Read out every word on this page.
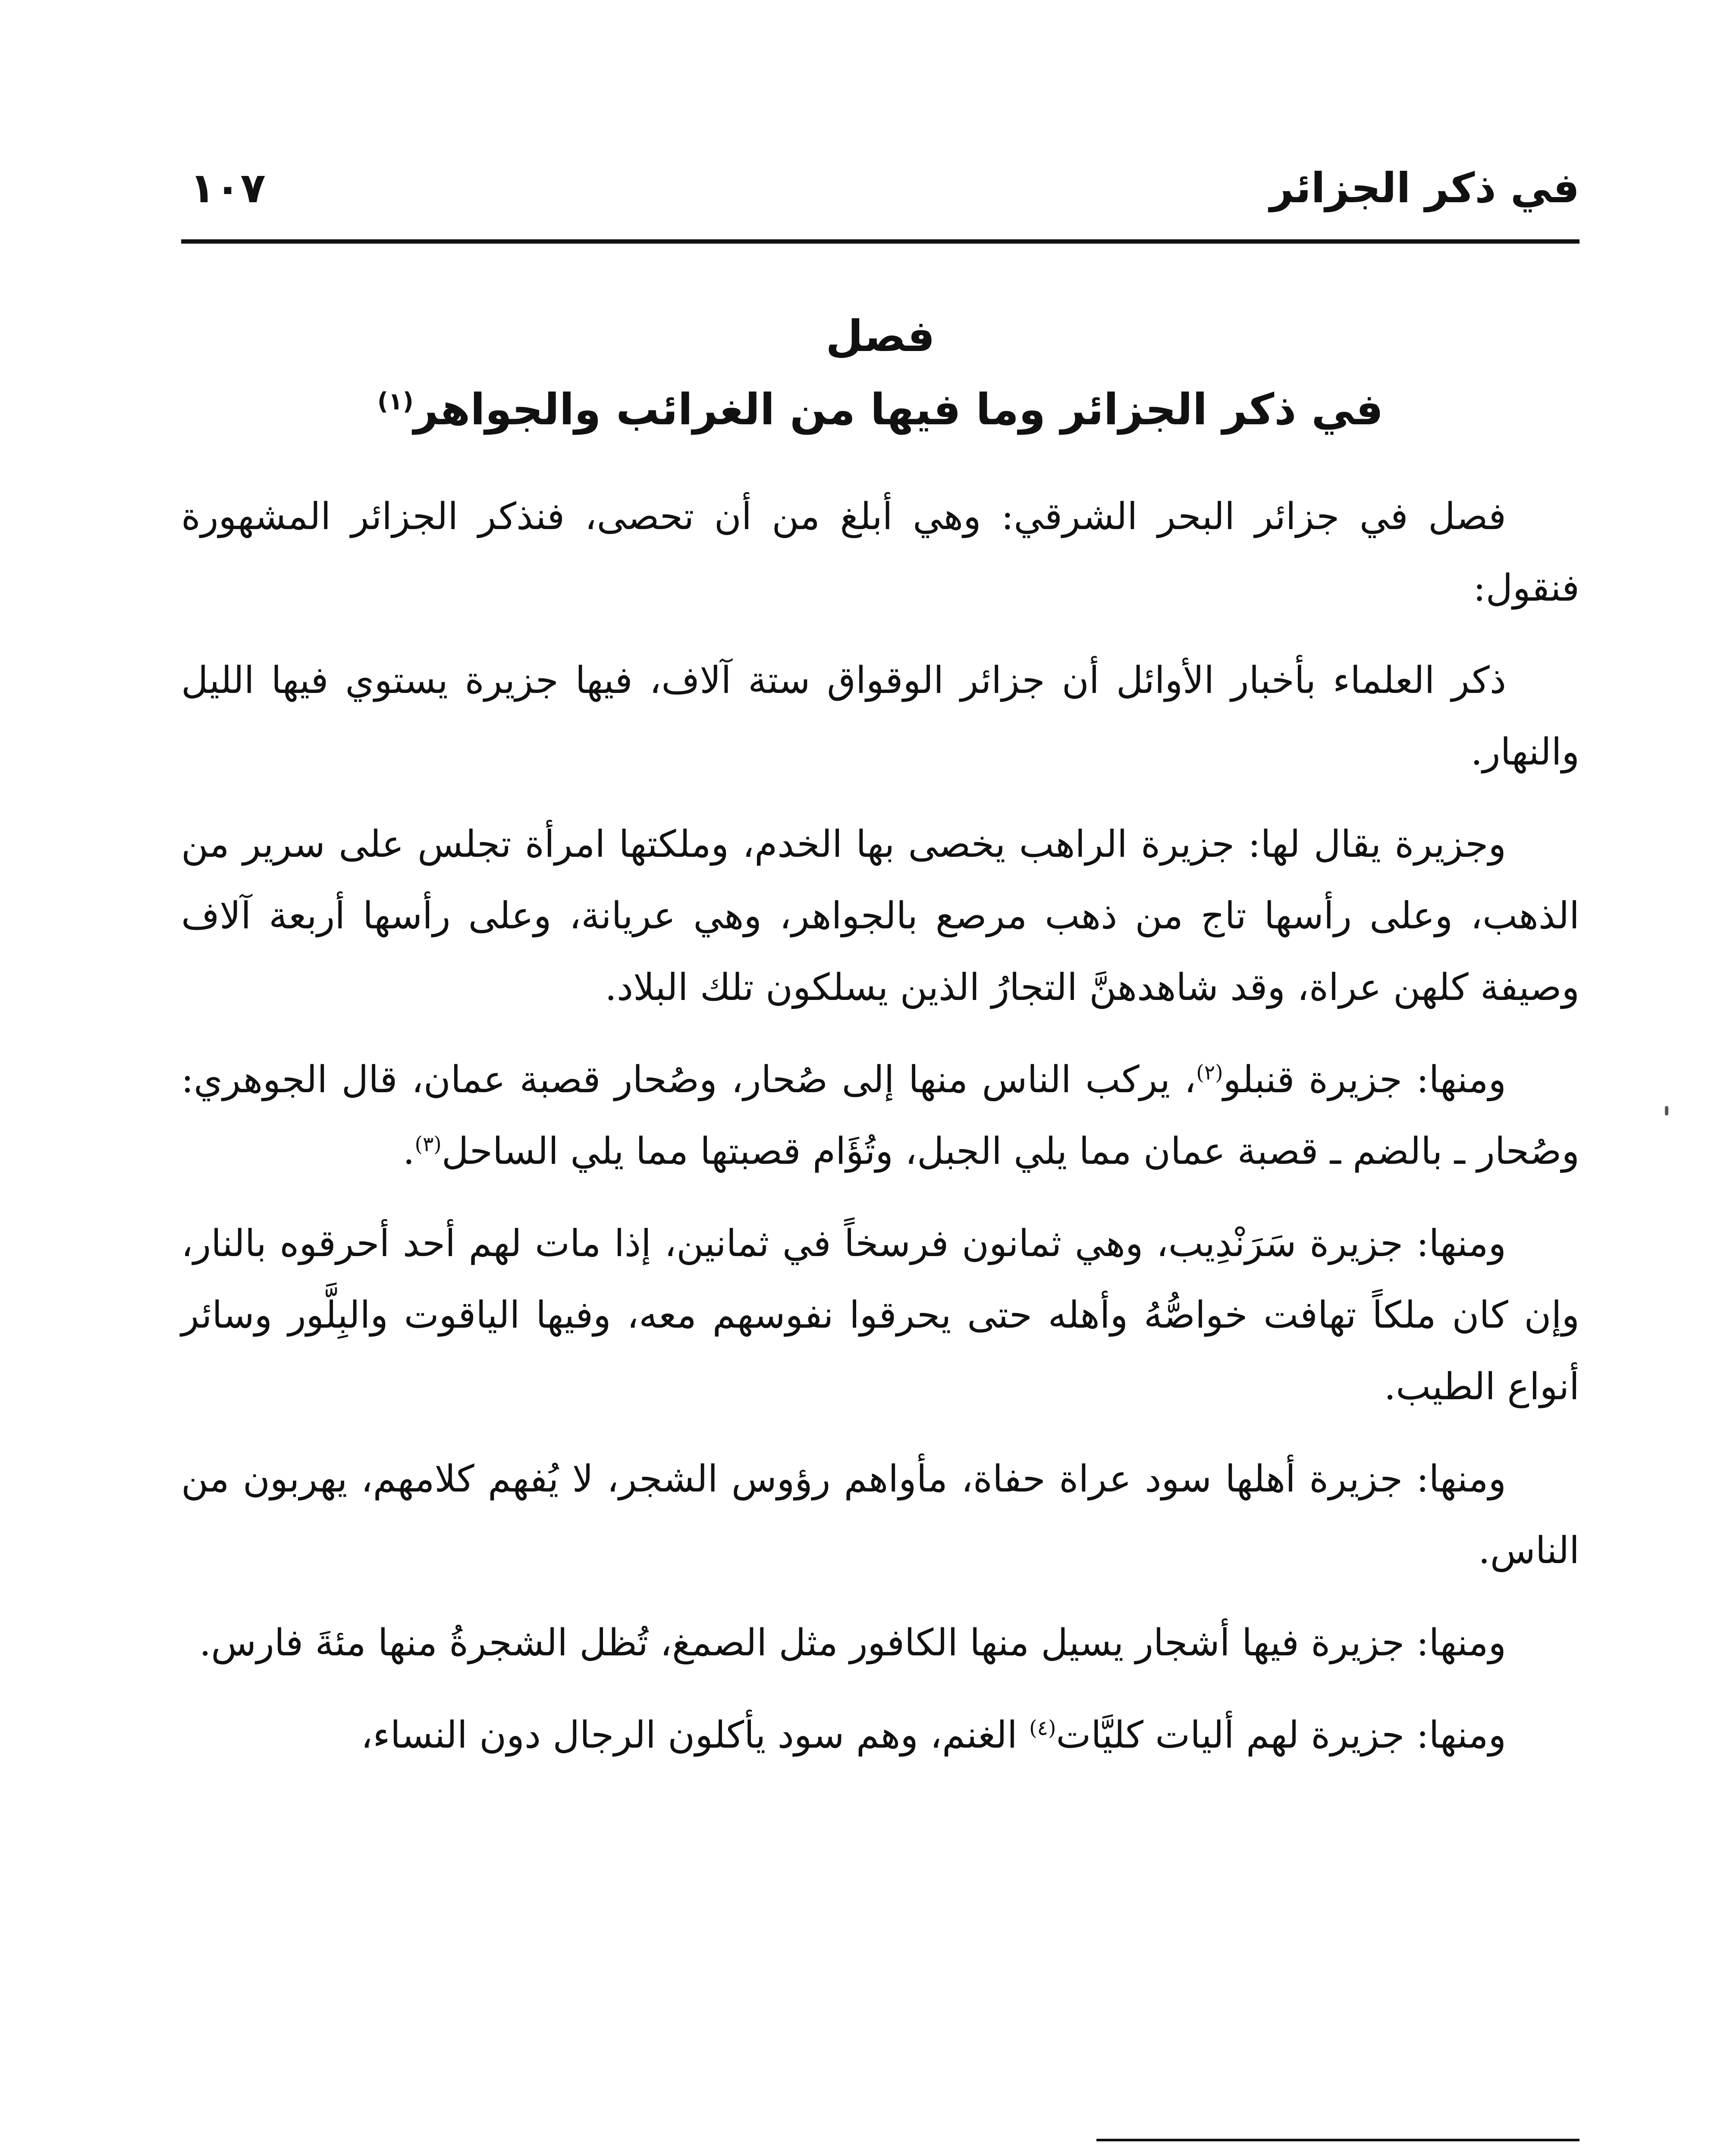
في ذكر الجزائر
١٠٧
فصل
في ذكر الجزائر وما فيها من الغرائب والجواهر$^{(١)}$

فصل في جزائر البحر الشرقي: وهي أبلغ من أن تحصى، فنذكر الجزائر المشهورة فنقول:

ذكر العلماء بأخبار الأوائل أن جزائر الوقواق ستة آلاف، فيها جزيرة يستوي فيها الليل والنهار.

وجزيرة يقال لها: جزيرة الراهب يخصى بها الخدم، وملكتها امرأة تجلس على سرير من الذهب، وعلى رأسها تاج من ذهب مرصع بالجواهر، وهي عريانة، وعلى رأسها أربعة آلاف وصيفة كلهن عراة، وقد شاهدهنَّ التجارُ الذين يسلكون تلك البلاد.

ومنها: جزيرة قنبلو$^{(٢)}$، يركب الناس منها إلى صُحار، وصُحار قصبة عمان، قال الجوهري: وصُحار ـ بالضم ـ قصبة عمان مما يلي الجبل، وتُؤَام قصبتها مما يلي الساحل$^{(٣)}$.

ومنها: جزيرة سَرَنْدِيب، وهي ثمانون فرسخاً في ثمانين، إذا مات لهم أحد أحرقوه بالنار، وإن كان ملكاً تهافت خواصُّهُ وأهله حتى يحرقوا نفوسهم معه، وفيها الياقوت والبِلَّور وسائر أنواع الطيب.

ومنها: جزيرة أهلها سود عراة حفاة، مأواهم رؤوس الشجر، لا يُفهم كلامهم، يهربون من الناس.

ومنها: جزيرة فيها أشجار يسيل منها الكافور مثل الصمغ، تُظل الشجرةُ منها مئةَ فارس.

ومنها: جزيرة لهم أليات كليَّات$^{(٤)}$ الغنم، وهم سود يأكلون الرجال دون النساء،
